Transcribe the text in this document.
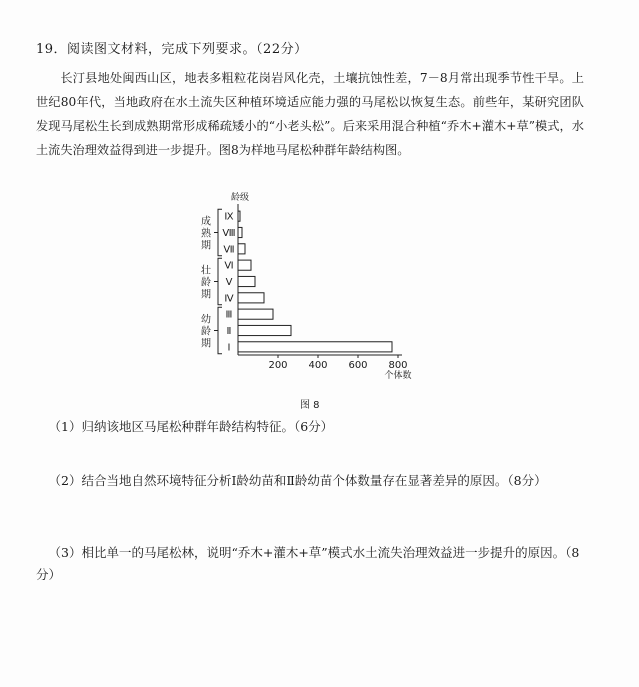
19．阅读图文材料，完成下列要求。（22分）

长汀县地处闽西山区，地表多粗粒花岗岩风化壳，土壤抗蚀性差，7－8月常出现季节性干旱。上世纪80年代，当地政府在水土流失区种植环境适应能力强的马尾松以恢复生态。前些年，某研究团队发现马尾松生长到成熟期常形成稀疏矮小的“小老头松”。后来采用混合种植“乔木+灌木+草”模式，水土流失治理效益得到进一步提升。图8为样地马尾松种群年龄结构图。

龄级
200 400 600 800
个体数
Ⅰ
Ⅱ
Ⅲ
Ⅳ
Ⅴ
Ⅵ
Ⅶ
Ⅷ
Ⅸ
幼
龄
期
壮
龄
期
成
熟
期
图 8

（1）归纳该地区马尾松种群年龄结构特征。（6分）

（2）结合当地自然环境特征分析Ⅰ龄幼苗和Ⅱ龄幼苗个体数量存在显著差异的原因。（8分）

（3）相比单一的马尾松林，说明“乔木+灌木+草”模式水土流失治理效益进一步提升的原因。（8分）
